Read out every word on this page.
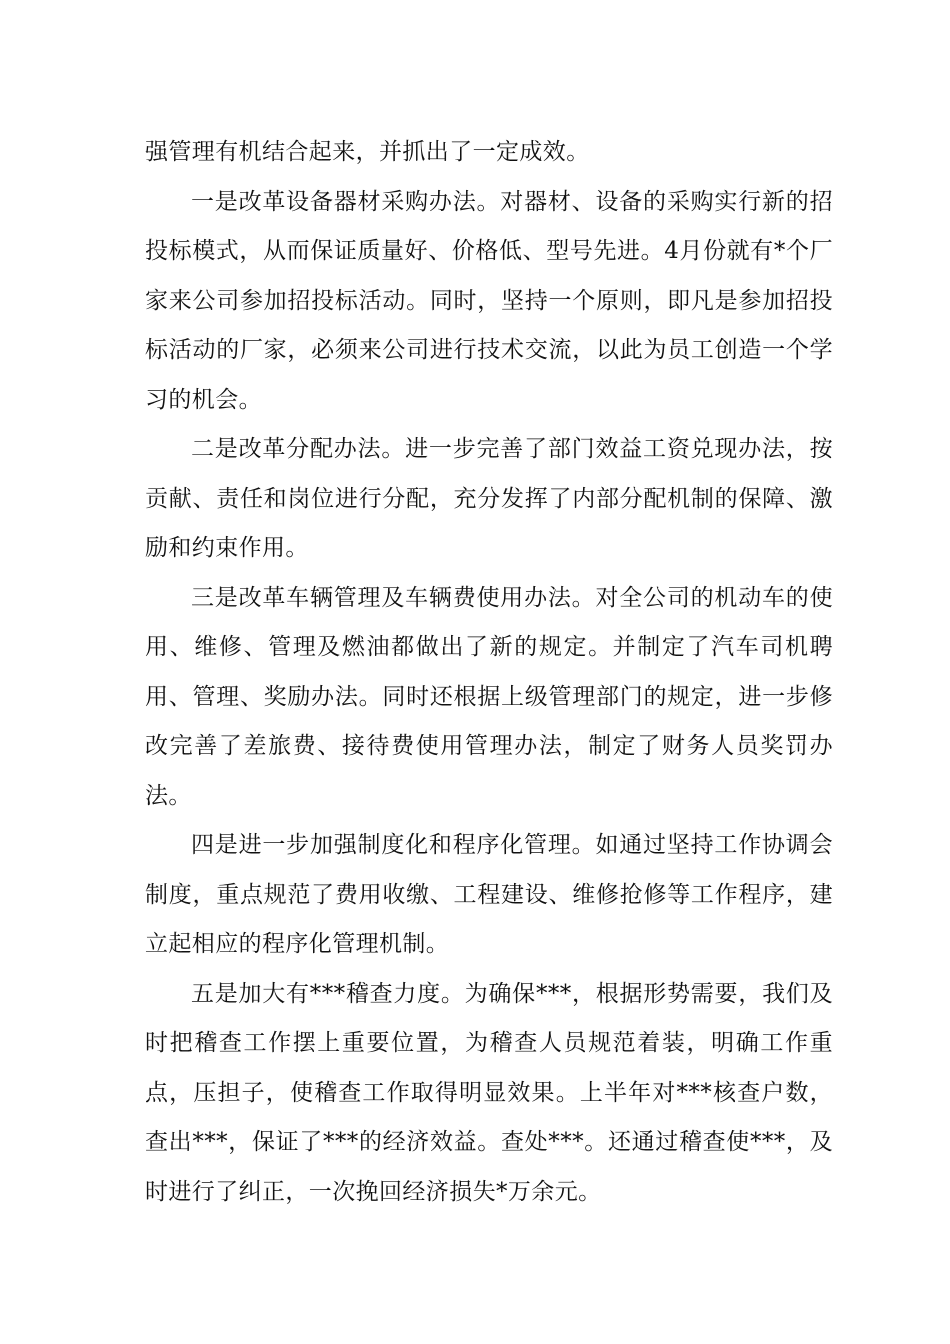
强管理有机结合起来，并抓出了一定成效。

一是改革设备器材采购办法。对器材、设备的采购实行新的招投标模式，从而保证质量好、价格低、型号先进。4月份就有*个厂家来公司参加招投标活动。同时，坚持一个原则，即凡是参加招投标活动的厂家，必须来公司进行技术交流，以此为员工创造一个学习的机会。

二是改革分配办法。进一步完善了部门效益工资兑现办法，按贡献、责任和岗位进行分配，充分发挥了内部分配机制的保障、激励和约束作用。

三是改革车辆管理及车辆费使用办法。对全公司的机动车的使用、维修、管理及燃油都做出了新的规定。并制定了汽车司机聘用、管理、奖励办法。同时还根据上级管理部门的规定，进一步修改完善了差旅费、接待费使用管理办法，制定了财务人员奖罚办法。

四是进一步加强制度化和程序化管理。如通过坚持工作协调会制度，重点规范了费用收缴、工程建设、维修抢修等工作程序，建立起相应的程序化管理机制。

五是加大有***稽查力度。为确保***，根据形势需要，我们及时把稽查工作摆上重要位置，为稽查人员规范着装，明确工作重点，压担子，使稽查工作取得明显效果。上半年对***核查户数，查出***，保证了***的经济效益。查处***。还通过稽查使***，及时进行了纠正，一次挽回经济损失*万余元。
